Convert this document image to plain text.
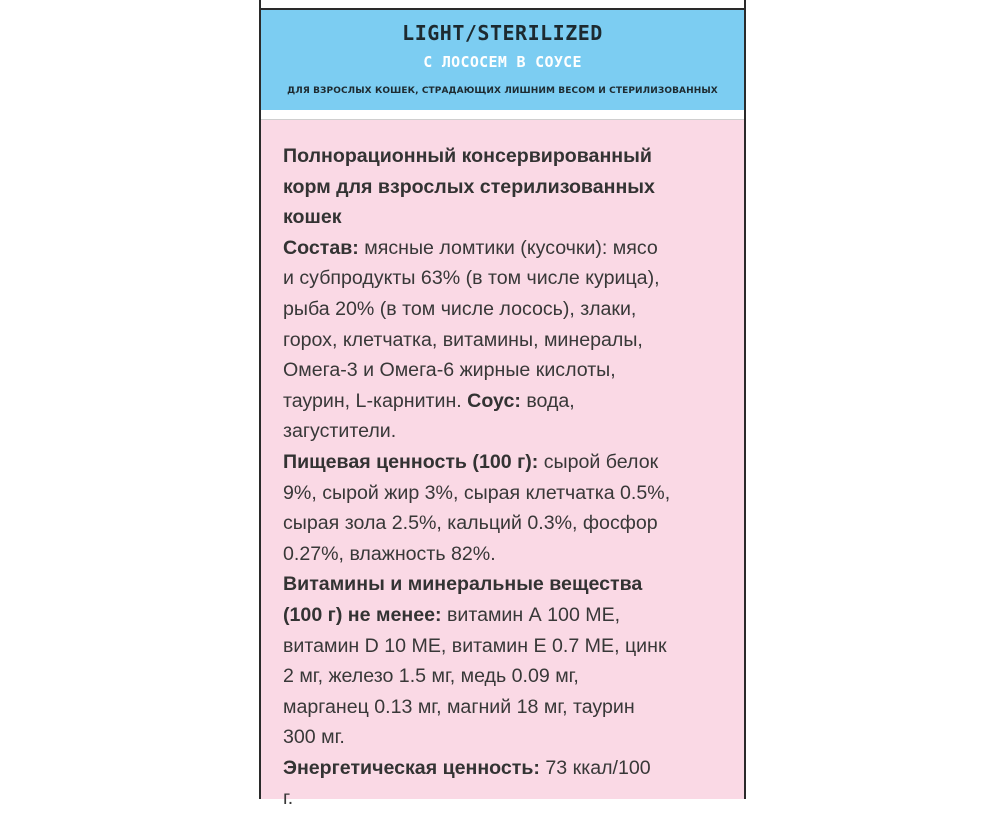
LIGHT/STERILIZED
С ЛОСОСЕМ В СОУСЕ
ДЛЯ ВЗРОСЛЫХ КОШЕК, СТРАДАЮЩИХ ЛИШНИМ ВЕСОМ И СТЕРИЛИЗОВАННЫХ
Полнорационный консервированный
корм для взрослых стерилизованных
кошек
Состав: мясные ломтики (кусочки): мясо
и субпродукты 63% (в том числе курица),
рыба 20% (в том числе лосось), злаки,
горох, клетчатка, витамины, минералы,
Омега-3 и Омега-6 жирные кислоты,
таурин, L-карнитин. Соус: вода,
загустители.
Пищевая ценность (100 г): сырой белок
9%, сырой жир 3%, сырая клетчатка 0.5%,
сырая зола 2.5%, кальций 0.3%, фосфор
0.27%, влажность 82%.
Витамины и минеральные вещества
(100 г) не менее: витамин А 100 МЕ,
витамин D 10 МЕ, витамин Е 0.7 МЕ, цинк
2 мг, железо 1.5 мг, медь 0.09 мг,
марганец 0.13 мг, магний 18 мг, таурин
300 мг.
Энергетическая ценность: 73 ккал/100
г.
